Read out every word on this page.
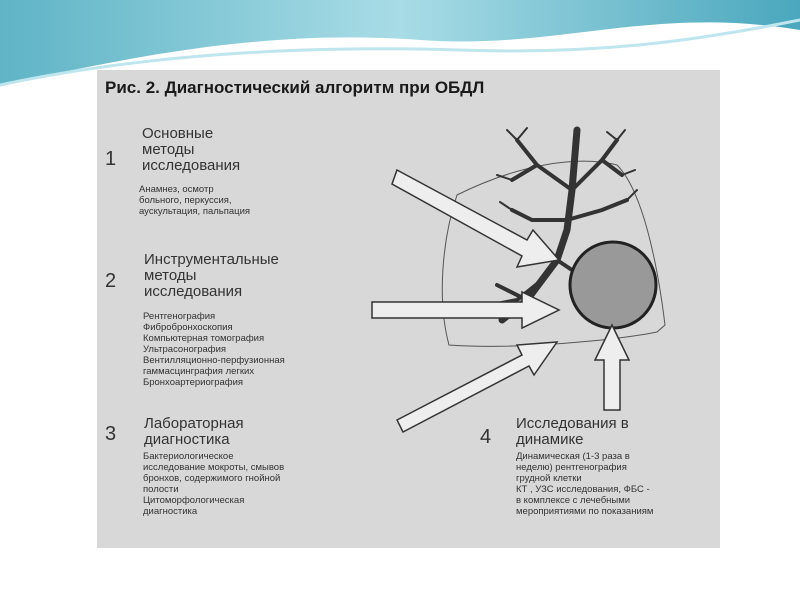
Рис. 2. Диагностический алгоритм при ОБДЛ
1
Основные
методы
исследования
Анамнез, осмотр
больного, перкуссия,
аускультация, пальпация
2
Инструментальные
методы
исследования
Рентгенография
Фибробронхоскопия
Компьютерная томография
Ультрасонография
Вентилляционно-перфузионная
гаммасцинграфия легких
Бронхоартериография
3 Лабораторная
диагностика
Бактериологическое
исследование мокроты, смывов
бронхов, содержимого гнойной
полости
Цитоморфологическая
диагностика
4
Исследования в
динамике
Динамическая (1-3 раза в
неделю) рентгенография
грудной клетки
КТ , УЗС исследования, ФБС -
в комплексе с лечебными
мероприятиями по показаниям
